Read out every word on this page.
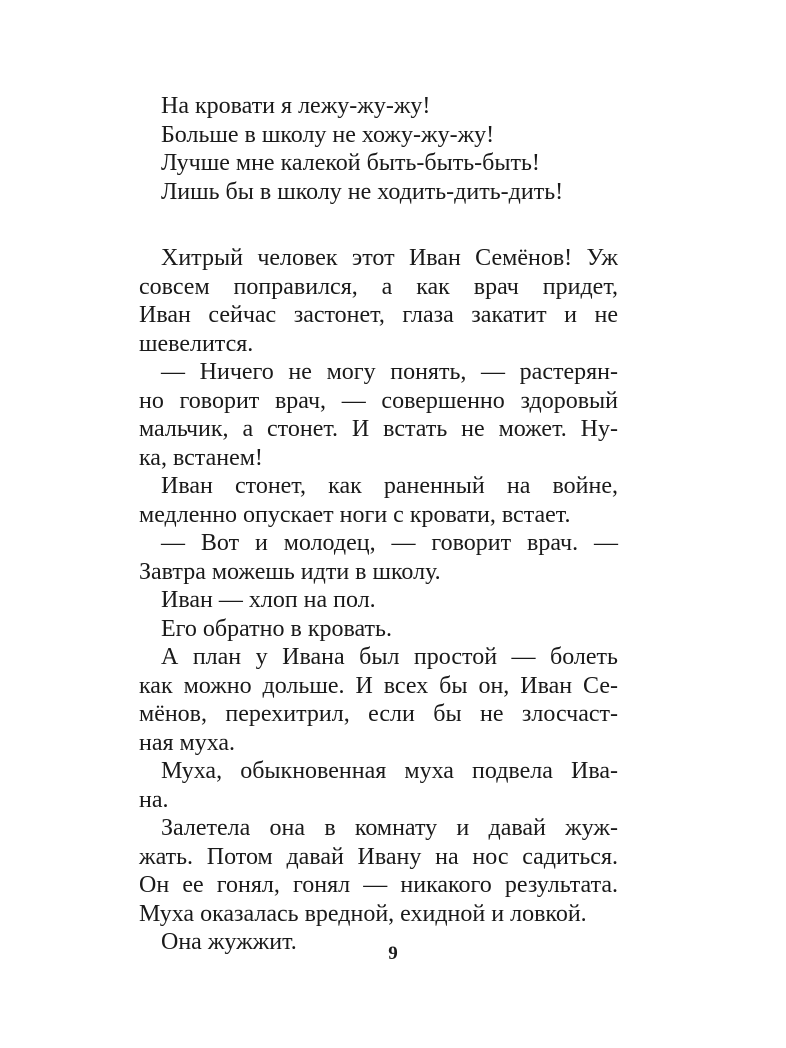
На кровати я лежу-жу-жу!
Больше в школу не хожу-жу-жу!
Лучше мне калекой быть-быть-быть!
Лишь бы в школу не ходить-дить-дить!
Хитрый человек этот Иван Семёнов! Уж
совсем поправился, а как врач придет,
Иван сейчас застонет, глаза закатит и не
шевелится.
— Ничего не могу понять, — растерян-
но говорит врач, — совершенно здоровый
мальчик, а стонет. И встать не может. Ну-
ка, встанем!
Иван стонет, как раненный на войне,
медленно опускает ноги с кровати, встает.
— Вот и молодец, — говорит врач. —
Завтра можешь идти в школу.
Иван — хлоп на пол.
Его обратно в кровать.
А план у Ивана был простой — болеть
как можно дольше. И всех бы он, Иван Се-
мёнов, перехитрил, если бы не злосчаст-
ная муха.
Муха, обыкновенная муха подвела Ива-
на.
Залетела она в комнату и давай жуж-
жать. Потом давай Ивану на нос садиться.
Он ее гонял, гонял — никакого результата.
Муха оказалась вредной, ехидной и ловкой.
Она жужжит.	9
